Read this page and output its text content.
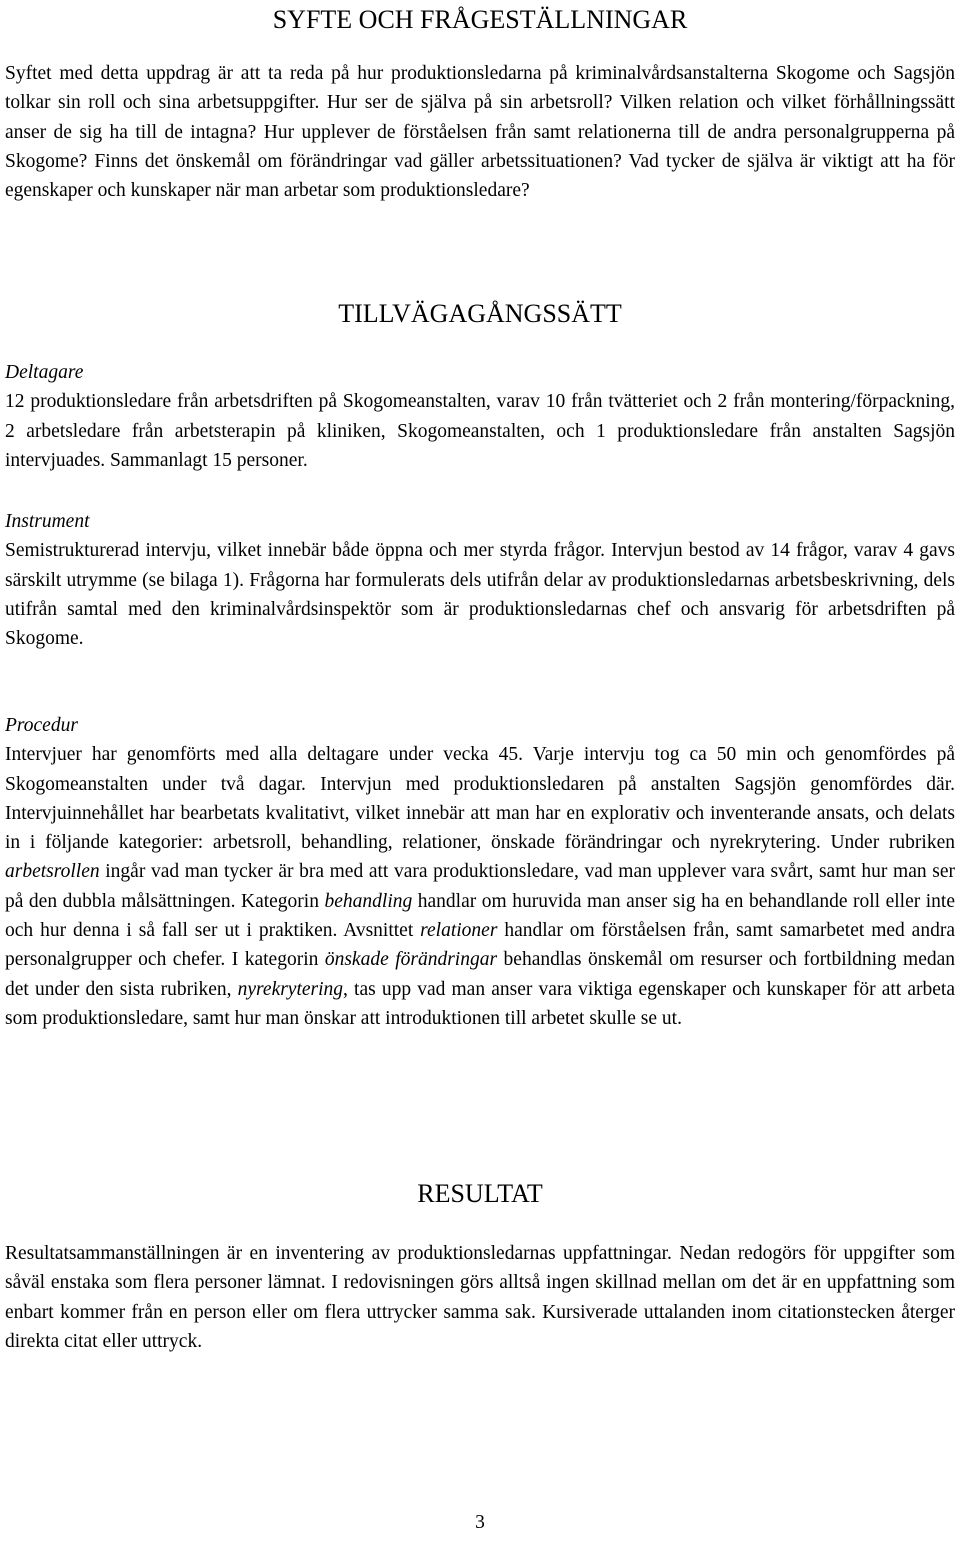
SYFTE OCH FRÅGESTÄLLNINGAR

Syftet med detta uppdrag är att ta reda på hur produktionsledarna på kriminalvårdsanstalterna Skogome och Sagsjön tolkar sin roll och sina arbetsuppgifter. Hur ser de själva på sin arbetsroll? Vilken relation och vilket förhållningssätt anser de sig ha till de intagna? Hur upplever de förståelsen från samt relationerna till de andra personalgrupperna på Skogome? Finns det önskemål om förändringar vad gäller arbetssituationen? Vad tycker de själva är viktigt att ha för egenskaper och kunskaper när man arbetar som produktionsledare?

TILLVÄGAGÅNGSSÄTT
Deltagare

12 produktionsledare från arbetsdriften på Skogomeanstalten, varav 10 från tvätteriet och 2 från montering/förpackning, 2 arbetsledare från arbetsterapin på kliniken, Skogomeanstalten, och 1 produktionsledare från anstalten Sagsjön intervjuades. Sammanlagt 15 personer.

Instrument

Semistrukturerad intervju, vilket innebär både öppna och mer styrda frågor. Intervjun bestod av 14 frågor, varav 4 gavs särskilt utrymme (se bilaga 1). Frågorna har formulerats dels utifrån delar av produktionsledarnas arbetsbeskrivning, dels utifrån samtal med den kriminalvårdsinspektör som är produktionsledarnas chef och ansvarig för arbetsdriften på Skogome.

Procedur

Intervjuer har genomförts med alla deltagare under vecka 45. Varje intervju tog ca 50 min och genomfördes på Skogomeanstalten under två dagar. Intervjun med produktionsledaren på anstalten Sagsjön genomfördes där. Intervjuinnehållet har bearbetats kvalitativt, vilket innebär att man har en explorativ och inventerande ansats, och delats in i följande kategorier: arbetsroll, behandling, relationer, önskade förändringar och nyrekrytering. Under rubriken arbetsrollen ingår vad man tycker är bra med att vara produktionsledare, vad man upplever vara svårt, samt hur man ser på den dubbla målsättningen. Kategorin behandling handlar om huruvida man anser sig ha en behandlande roll eller inte och hur denna i så fall ser ut i praktiken. Avsnittet relationer handlar om förståelsen från, samt samarbetet med andra personalgrupper och chefer. I kategorin önskade förändringar behandlas önskemål om resurser och fortbildning medan det under den sista rubriken, nyrekrytering, tas upp vad man anser vara viktiga egenskaper och kunskaper för att arbeta som produktionsledare, samt hur man önskar att introduktionen till arbetet skulle se ut.

RESULTAT

Resultatsammanställningen är en inventering av produktionsledarnas uppfattningar. Nedan redogörs för uppgifter som såväl enstaka som flera personer lämnat. I redovisningen görs alltså ingen skillnad mellan om det är en uppfattning som enbart kommer från en person eller om flera uttrycker samma sak. Kursiverade uttalanden inom citationstecken återger direkta citat eller uttryck.

3
